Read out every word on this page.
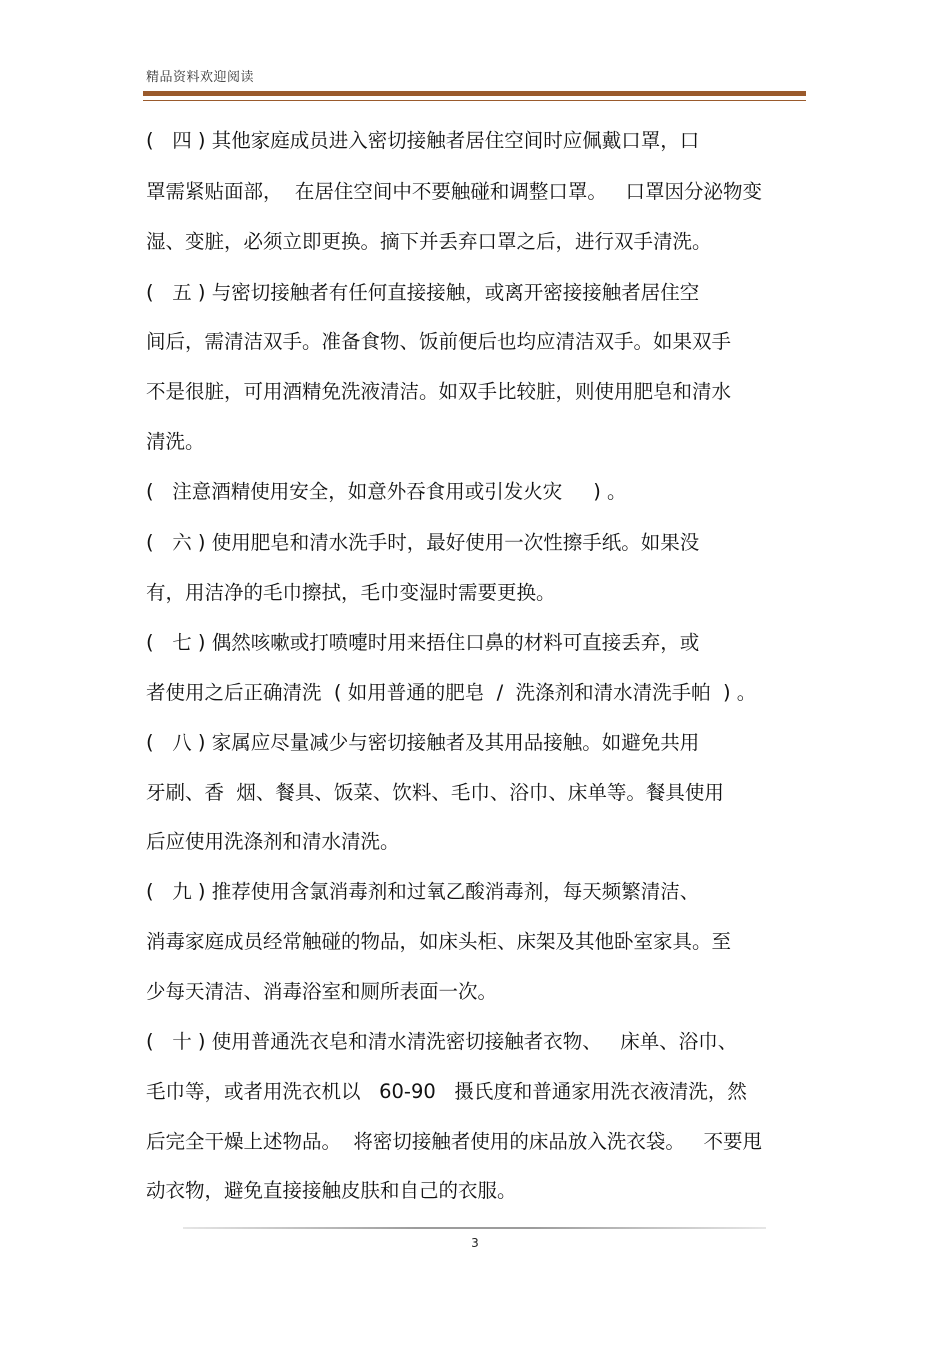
精品资料欢迎阅读
(   四 ) 其他家庭成员进入密切接触者居住空间时应佩戴口罩，口
罩需紧贴面部，  在居住空间中不要触碰和调整口罩。   口罩因分泌物变
湿、变脏，必须立即更换。摘下并丢弃口罩之后，进行双手清洗。
(   五 ) 与密切接触者有任何直接接触，或离开密接接触者居住空
间后，需清洁双手。准备食物、饭前便后也均应清洁双手。如果双手
不是很脏，可用酒精免洗液清洁。如双手比较脏，则使用肥皂和清水
清洗。
(   注意酒精使用安全，如意外吞食用或引发火灾     ) 。
(   六 ) 使用肥皂和清水洗手时，最好使用一次性擦手纸。如果没
有，用洁净的毛巾擦拭，毛巾变湿时需要更换。
(   七 ) 偶然咳嗽或打喷嚏时用来捂住口鼻的材料可直接丢弃，或
者使用之后正确清洗  ( 如用普通的肥皂  /  洗涤剂和清水清洗手帕  ) 。
(   八 ) 家属应尽量减少与密切接触者及其用品接触。如避免共用
牙刷、香  烟、餐具、饭菜、饮料、毛巾、浴巾、床单等。餐具使用
后应使用洗涤剂和清水清洗。
(   九 ) 推荐使用含氯消毒剂和过氧乙酸消毒剂，每天频繁清洁、
消毒家庭成员经常触碰的物品，如床头柜、床架及其他卧室家具。至
少每天清洁、消毒浴室和厕所表面一次。
(   十 ) 使用普通洗衣皂和清水清洗密切接触者衣物、   床单、浴巾、
毛巾等，或者用洗衣机以   60-90   摄氏度和普通家用洗衣液清洗，然
后完全干燥上述物品。  将密切接触者使用的床品放入洗衣袋。   不要甩
动衣物，避免直接接触皮肤和自己的衣服。
3
